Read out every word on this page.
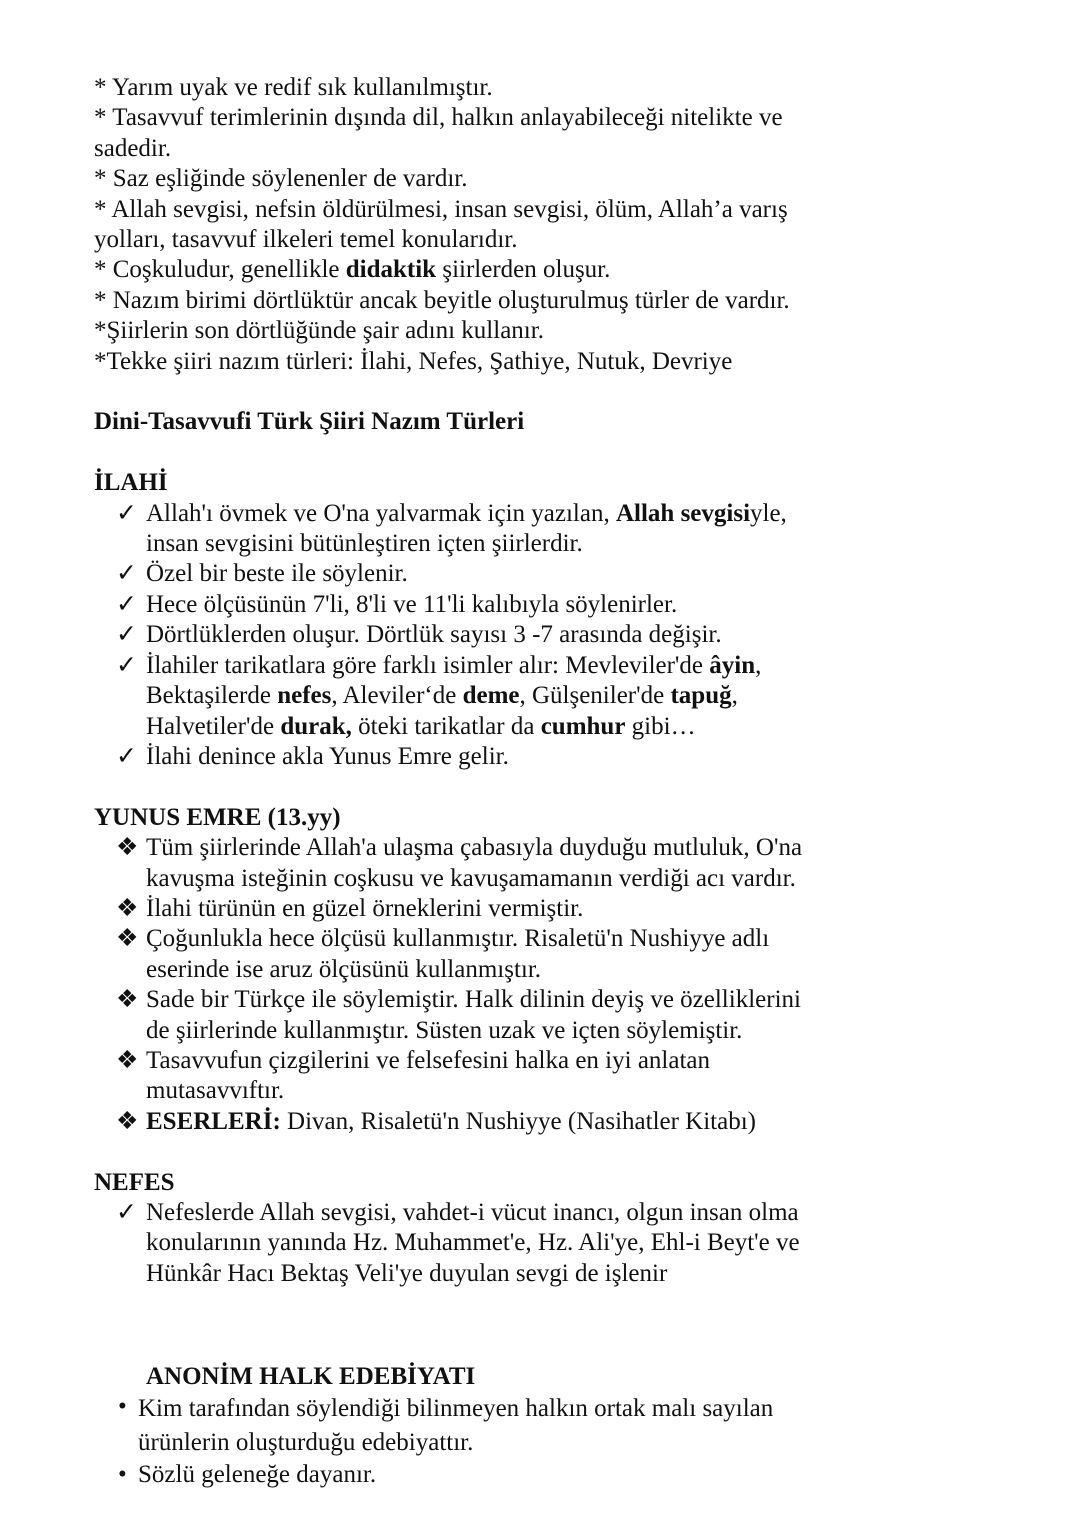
* Yarım uyak ve redif sık kullanılmıştır.
* Tasavvuf terimlerinin dışında dil, halkın anlayabileceği nitelikte ve
sadedir.
* Saz eşliğinde söylenenler de vardır.
* Allah sevgisi, nefsin öldürülmesi, insan sevgisi, ölüm, Allah’a varış
yolları, tasavvuf ilkeleri temel konularıdır.
* Coşkuludur, genellikle didaktik şiirlerden oluşur.
* Nazım birimi dörtlüktür ancak beyitle oluşturulmuş türler de vardır.
*Şiirlerin son dörtlüğünde şair adını kullanır.
*Tekke şiiri nazım türleri: İlahi, Nefes, Şathiye, Nutuk, Devriye
Dini-Tasavvufi Türk Şiiri Nazım Türleri
İLAHİ
✓ Allah'ı övmek ve O'na yalvarmak için yazılan, Allah sevgisiyle,
insan sevgisini bütünleştiren içten şiirlerdir.
✓ Özel bir beste ile söylenir.
✓ Hece ölçüsünün 7'li, 8'li ve 11'li kalıbıyla söylenirler.
✓ Dörtlüklerden oluşur. Dörtlük sayısı 3 -7 arasında değişir.
✓ İlahiler tarikatlara göre farklı isimler alır: Mevleviler'de âyin,
Bektaşilerde nefes, Aleviler‘de deme, Gülşeniler'de tapuğ,
Halvetiler'de durak, öteki tarikatlar da cumhur gibi…
✓ İlahi denince akla Yunus Emre gelir.
YUNUS EMRE (13.yy)
❖ Tüm şiirlerinde Allah'a ulaşma çabasıyla duyduğu mutluluk, O'na
kavuşma isteğinin coşkusu ve kavuşamamanın verdiği acı vardır.
❖ İlahi türünün en güzel örneklerini vermiştir.
❖ Çoğunlukla hece ölçüsü kullanmıştır. Risaletü'n Nushiyye adlı
eserinde ise aruz ölçüsünü kullanmıştır.
❖ Sade bir Türkçe ile söylemiştir. Halk dilinin deyiş ve özelliklerini
de şiirlerinde kullanmıştır. Süsten uzak ve içten söylemiştir.
❖ Tasavvufun çizgilerini ve felsefesini halka en iyi anlatan
mutasavvıftır.
❖ ESERLERİ: Divan, Risaletü'n Nushiyye (Nasihatler Kitabı)
NEFES
✓ Nefeslerde Allah sevgisi, vahdet-i vücut inancı, olgun insan olma
konularının yanında Hz. Muhammet'e, Hz. Ali'ye, Ehl-i Beyt'e ve
Hünkâr Hacı Bektaş Veli'ye duyulan sevgi de işlenir
ANONİM HALK EDEBİYATI
• Kim tarafından söylendiği bilinmeyen halkın ortak malı sayılan
ürünlerin oluşturduğu edebiyattır.
• Sözlü geleneğe dayanır.
